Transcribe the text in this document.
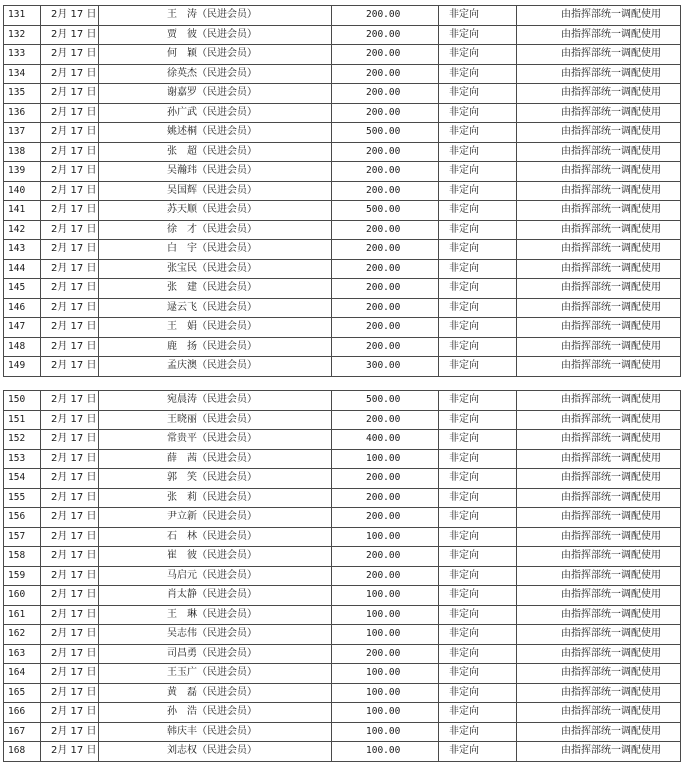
131	2月 17 日	王　涛（民进会员）	200.00	非定向	由指挥部统一调配使用
132	2月 17 日	贾　彼（民进会员）	200.00	非定向	由指挥部统一调配使用
133	2月 17 日	何　颖（民进会员）	200.00	非定向	由指挥部统一调配使用
134	2月 17 日	徐英杰（民进会员）	200.00	非定向	由指挥部统一调配使用
135	2月 17 日	谢嘉罗（民进会员）	200.00	非定向	由指挥部统一调配使用
136	2月 17 日	孙广武（民进会员）	200.00	非定向	由指挥部统一调配使用
137	2月 17 日	姚述桐（民进会员）	500.00	非定向	由指挥部统一调配使用
138	2月 17 日	张　超（民进会员）	200.00	非定向	由指挥部统一调配使用
139	2月 17 日	吴瀚玮（民进会员）	200.00	非定向	由指挥部统一调配使用
140	2月 17 日	吴国辉（民进会员）	200.00	非定向	由指挥部统一调配使用
141	2月 17 日	苏天顺（民进会员）	500.00	非定向	由指挥部统一调配使用
142	2月 17 日	徐　才（民进会员）	200.00	非定向	由指挥部统一调配使用
143	2月 17 日	白　宇（民进会员）	200.00	非定向	由指挥部统一调配使用
144	2月 17 日	张宝民（民进会员）	200.00	非定向	由指挥部统一调配使用
145	2月 17 日	张　建（民进会员）	200.00	非定向	由指挥部统一调配使用
146	2月 17 日	逯云飞（民进会员）	200.00	非定向	由指挥部统一调配使用
147	2月 17 日	王　娟（民进会员）	200.00	非定向	由指挥部统一调配使用
148	2月 17 日	鹿　扬（民进会员）	200.00	非定向	由指挥部统一调配使用
149	2月 17 日	孟庆澳（民进会员）	300.00	非定向	由指挥部统一调配使用
150	2月 17 日	宛晨涛（民进会员）	500.00	非定向	由指挥部统一调配使用
151	2月 17 日	王晓丽（民进会员）	200.00	非定向	由指挥部统一调配使用
152	2月 17 日	常贵平（民进会员）	400.00	非定向	由指挥部统一调配使用
153	2月 17 日	薛　茜（民进会员）	100.00	非定向	由指挥部统一调配使用
154	2月 17 日	郭　笑（民进会员）	200.00	非定向	由指挥部统一调配使用
155	2月 17 日	张　莉（民进会员）	200.00	非定向	由指挥部统一调配使用
156	2月 17 日	尹立新（民进会员）	200.00	非定向	由指挥部统一调配使用
157	2月 17 日	石　林（民进会员）	100.00	非定向	由指挥部统一调配使用
158	2月 17 日	崔　彼（民进会员）	200.00	非定向	由指挥部统一调配使用
159	2月 17 日	马启元（民进会员）	200.00	非定向	由指挥部统一调配使用
160	2月 17 日	肖太静（民进会员）	100.00	非定向	由指挥部统一调配使用
161	2月 17 日	王　琳（民进会员）	100.00	非定向	由指挥部统一调配使用
162	2月 17 日	吴志伟（民进会员）	100.00	非定向	由指挥部统一调配使用
163	2月 17 日	司昌勇（民进会员）	200.00	非定向	由指挥部统一调配使用
164	2月 17 日	王玉广（民进会员）	100.00	非定向	由指挥部统一调配使用
165	2月 17 日	黄　磊（民进会员）	100.00	非定向	由指挥部统一调配使用
166	2月 17 日	孙　浩（民进会员）	100.00	非定向	由指挥部统一调配使用
167	2月 17 日	韩庆丰（民进会员）	100.00	非定向	由指挥部统一调配使用
168	2月 17 日	刘志权（民进会员）	100.00	非定向	由指挥部统一调配使用
